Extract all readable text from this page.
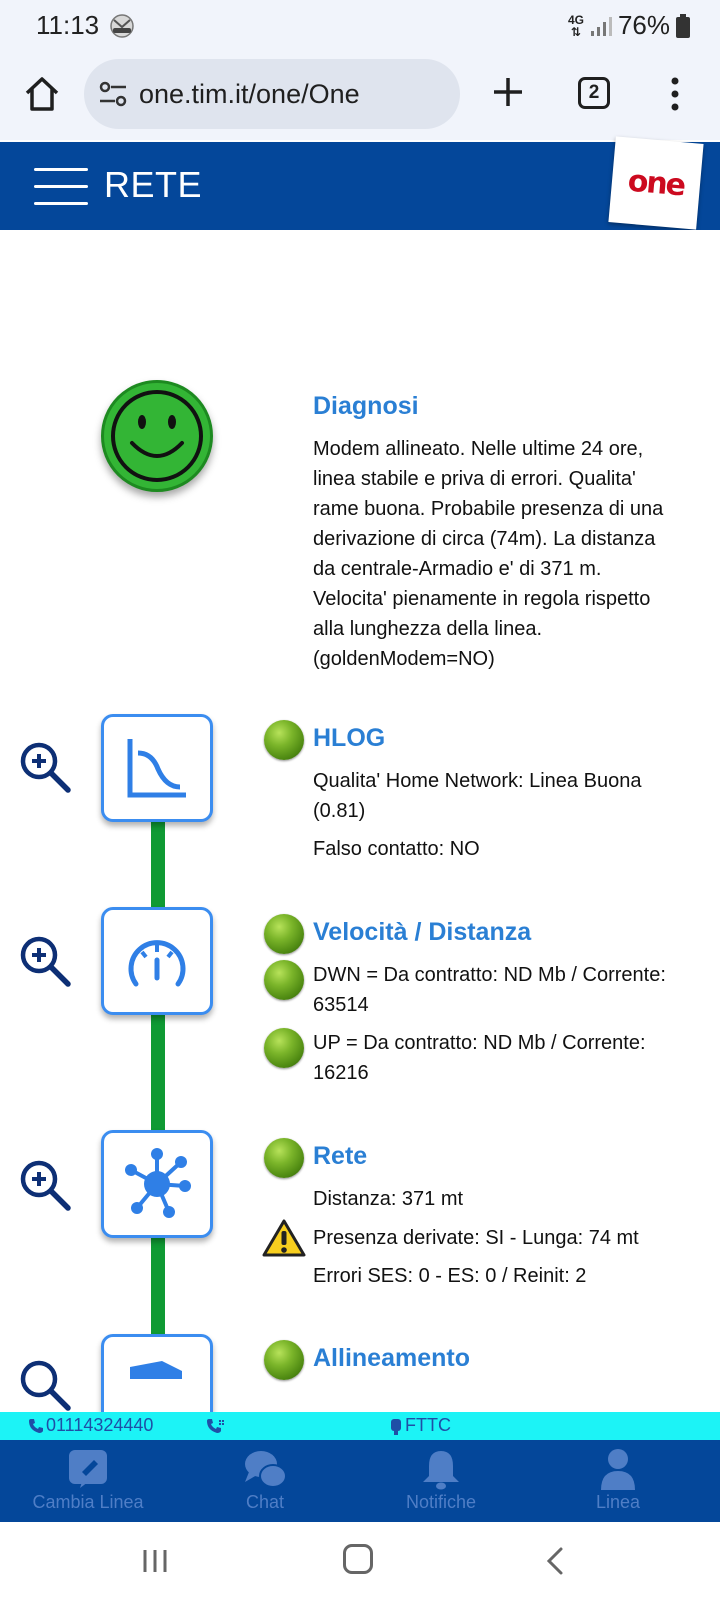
11:13	4G
⇅ 76%
one.tim.it/one/One	2
RETE	one
Diagnosi
Modem allineato. Nelle ultime 24 ore,
linea stabile e priva di errori. Qualita'
rame buona. Probabile presenza di una
derivazione di circa (74m). La distanza
da centrale-Armadio e' di 371 m.
Velocita' pienamente in regola rispetto
alla lunghezza della linea.
(goldenModem=NO)
HLOG
Qualita' Home Network: Linea Buona
(0.81)
Falso contatto: NO
Velocità / Distanza
DWN = Da contratto: ND Mb / Corrente:
63514
UP = Da contratto: ND Mb / Corrente:
16216
Rete
Distanza: 371 mt
Presenza derivate: SI - Lunga: 74 mt
Errori SES: 0 - ES: 0 / Reinit: 2
Allineamento
01114324440	FTTC
Cambia Linea	Chat	Notifiche	Linea
